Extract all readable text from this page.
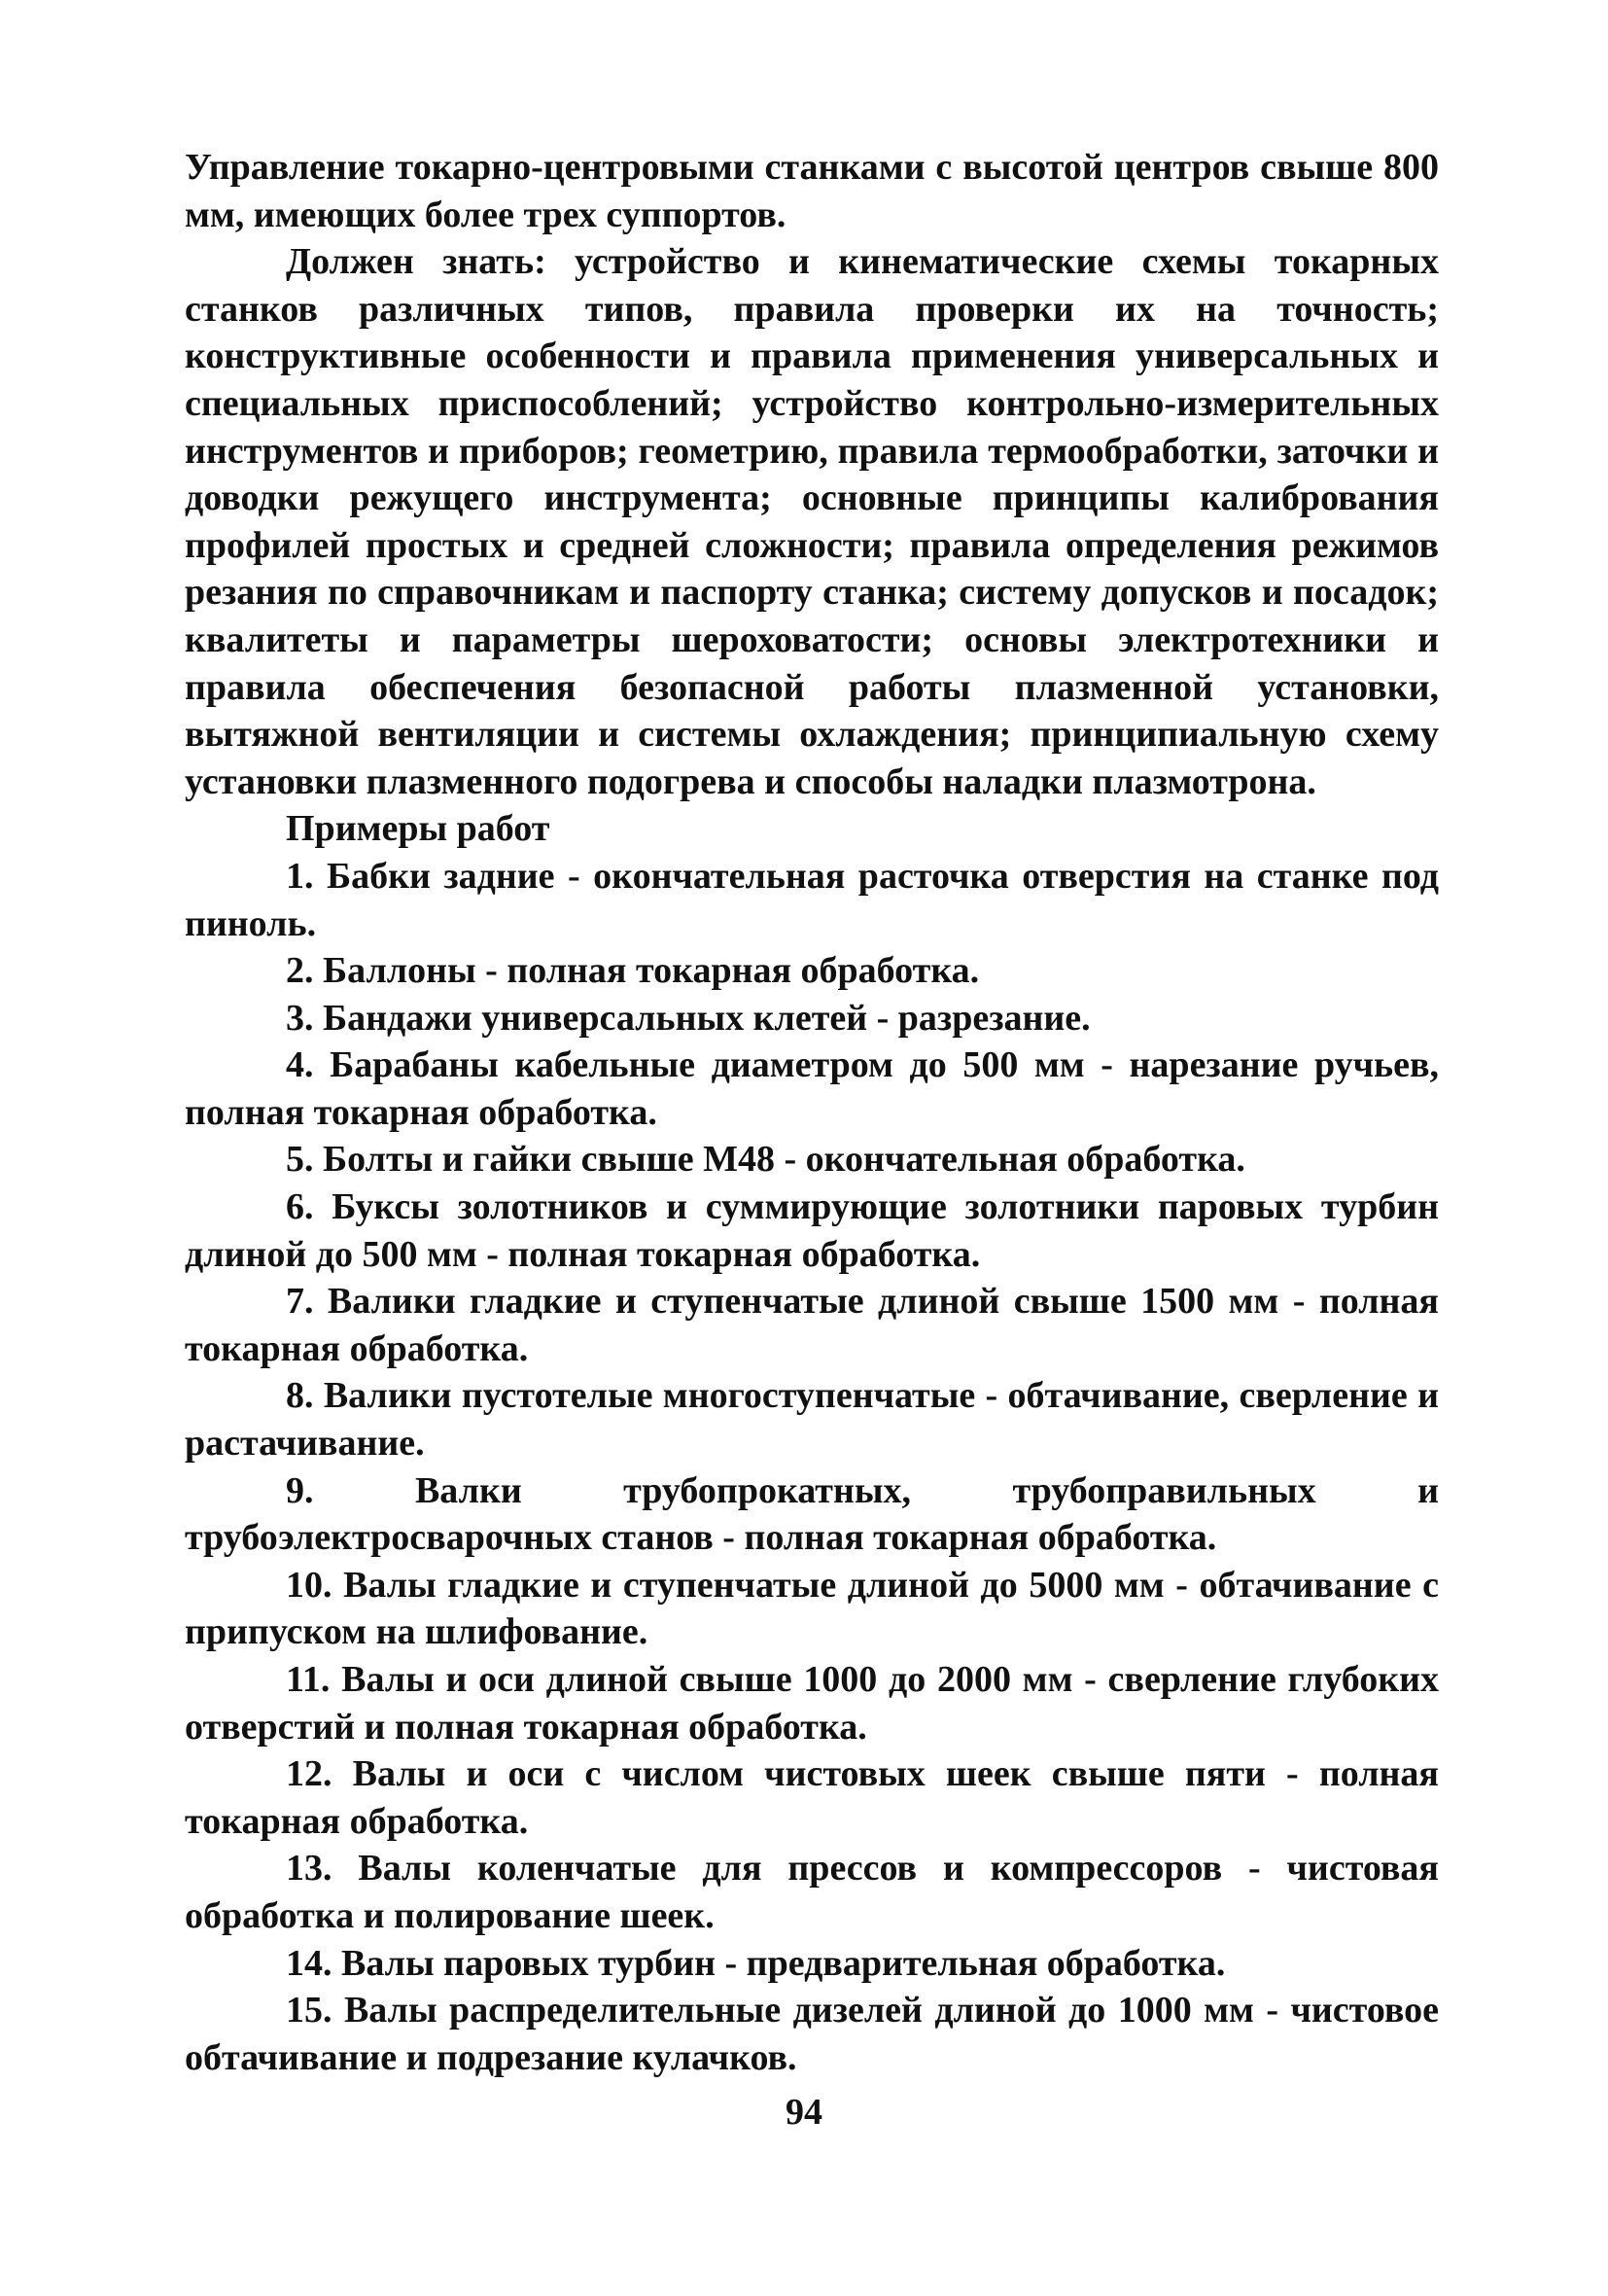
Управление токарно-центровыми станками с высотой центров свыше 800 мм, имеющих более трех суппортов.

Должен знать: устройство и кинематические схемы токарных станков различных типов, правила проверки их на точность; конструктивные особенности и правила применения универсальных и специальных приспособлений; устройство контрольно-измерительных инструментов и приборов; геометрию, правила термообработки, заточки и доводки режущего инструмента; основные принципы калибрования профилей простых и средней сложности; правила определения режимов резания по справочникам и паспорту станка; систему допусков и посадок; квалитеты и параметры шероховатости; основы электротехники и правила обеспечения безопасной работы плазменной установки, вытяжной вентиляции и системы охлаждения; принципиальную схему установки плазменного подогрева и способы наладки плазмотрона.

Примеры работ

1. Бабки задние - окончательная расточка отверстия на станке под пиноль.

2. Баллоны - полная токарная обработка.

3. Бандажи универсальных клетей - разрезание.

4. Барабаны кабельные диаметром до 500 мм - нарезание ручьев, полная токарная обработка.

5. Болты и гайки свыше М48 - окончательная обработка.

6. Буксы золотников и суммирующие золотники паровых турбин длиной до 500 мм - полная токарная обработка.

7. Валики гладкие и ступенчатые длиной свыше 1500 мм - полная токарная обработка.

8. Валики пустотелые многоступенчатые - обтачивание, сверление и растачивание.

9. Валки трубопрокатных, трубоправильных и трубоэлектросварочных станов - полная токарная обработка.

10. Валы гладкие и ступенчатые длиной до 5000 мм - обтачивание с припуском на шлифование.

11. Валы и оси длиной свыше 1000 до 2000 мм - сверление глубоких отверстий и полная токарная обработка.

12. Валы и оси с числом чистовых шеек свыше пяти - полная токарная обработка.

13. Валы коленчатые для прессов и компрессоров - чистовая обработка и полирование шеек.

14. Валы паровых турбин - предварительная обработка.

15. Валы распределительные дизелей длиной до 1000 мм - чистовое обтачивание и подрезание кулачков.

94
